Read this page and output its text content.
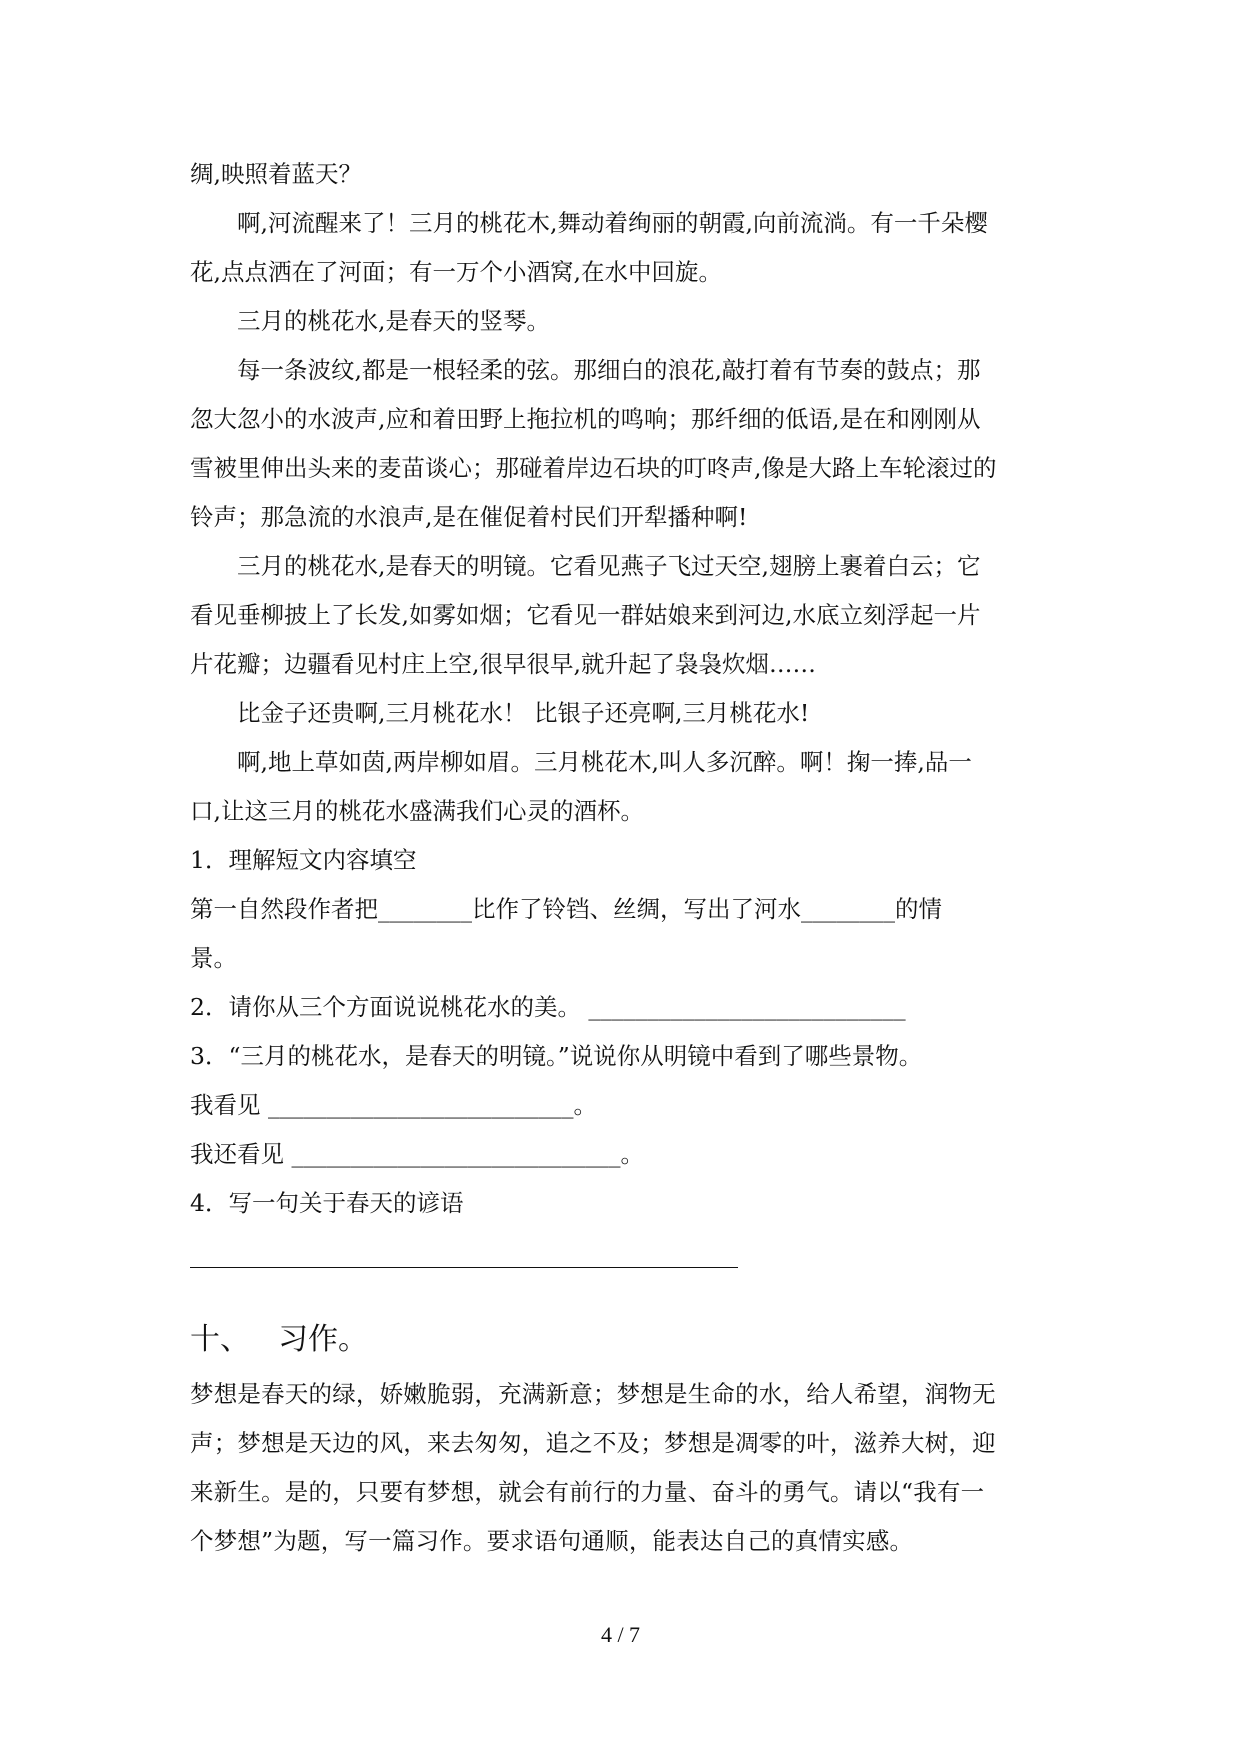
绸,映照着蓝天？
啊,河流醒来了！三月的桃花木,舞动着绚丽的朝霞,向前流淌。有一千朵樱
花,点点洒在了河面；有一万个小酒窝,在水中回旋。
三月的桃花水,是春天的竖琴。
每一条波纹,都是一根轻柔的弦。那细白的浪花,敲打着有节奏的鼓点；那
忽大忽小的水波声,应和着田野上拖拉机的鸣响；那纤细的低语,是在和刚刚从
雪被里伸出头来的麦苗谈心；那碰着岸边石块的叮咚声,像是大路上车轮滚过的
铃声；那急流的水浪声,是在催促着村民们开犁播种啊!
三月的桃花水,是春天的明镜。它看见燕子飞过天空,翅膀上裹着白云；它
看见垂柳披上了长发,如雾如烟；它看见一群姑娘来到河边,水底立刻浮起一片
片花瓣；边疆看见村庄上空,很早很早,就升起了袅袅炊烟……
比金子还贵啊,三月桃花水！ 比银子还亮啊,三月桃花水!
啊,地上草如茵,两岸柳如眉。三月桃花木,叫人多沉醉。啊！掬一捧,品一
口,让这三月的桃花水盛满我们心灵的酒杯。
1．理解短文内容填空
第一自然段作者把________比作了铃铛、丝绸，写出了河水________的情
景。
2．请你从三个方面说说桃花水的美。 ___________________________
3．“三月的桃花水，是春天的明镜。”说说你从明镜中看到了哪些景物。
我看见 __________________________。
我还看见 ____________________________。
4．写一句关于春天的谚语
十、 习作。
梦想是春天的绿，娇嫩脆弱，充满新意；梦想是生命的水，给人希望，润物无
声；梦想是天边的风，来去匆匆，追之不及；梦想是凋零的叶，滋养大树，迎
来新生。是的，只要有梦想，就会有前行的力量、奋斗的勇气。请以“我有一
个梦想”为题，写一篇习作。要求语句通顺，能表达自己的真情实感。
4 / 7
